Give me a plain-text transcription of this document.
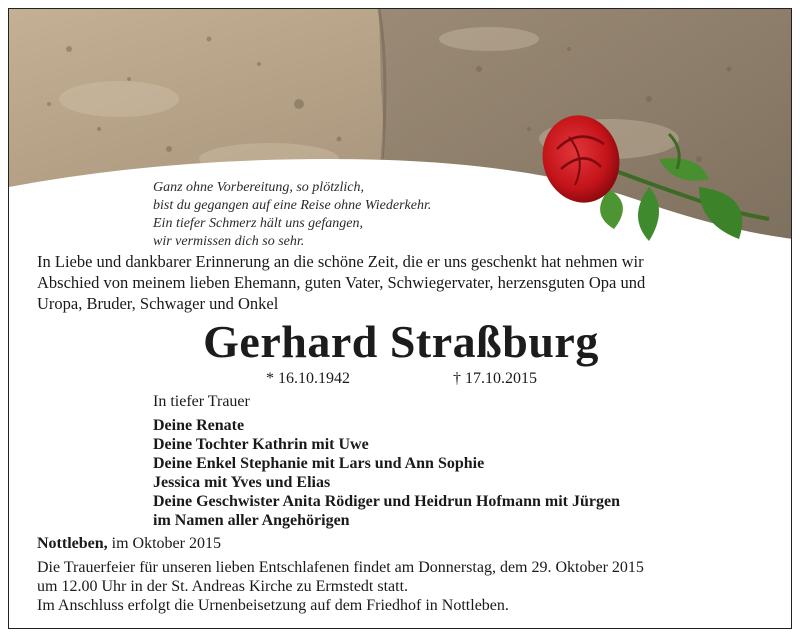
Ganz ohne Vorbereitung, so plötzlich,
bist du gegangen auf eine Reise ohne Wiederkehr.
Ein tiefer Schmerz hält uns gefangen,
wir vermissen dich so sehr.
In Liebe und dankbarer Erinnerung an die schöne Zeit, die er uns geschenkt hat nehmen wir
Abschied von meinem lieben Ehemann, guten Vater, Schwiegervater, herzensguten Opa und
Uropa, Bruder, Schwager und Onkel
Gerhard Straßburg
* 16.10.1942	† 17.10.2015
In tiefer Trauer
Deine Renate
Deine Tochter Kathrin mit Uwe
Deine Enkel Stephanie mit Lars und Ann Sophie
Jessica mit Yves und Elias
Deine Geschwister Anita Rödiger und Heidrun Hofmann mit Jürgen
im Namen aller Angehörigen
Nottleben, im Oktober 2015
Die Trauerfeier für unseren lieben Entschlafenen findet am Donnerstag, dem 29. Oktober 2015
um 12.00 Uhr in der St. Andreas Kirche zu Ermstedt statt.
Im Anschluss erfolgt die Urnenbeisetzung auf dem Friedhof in Nottleben.
